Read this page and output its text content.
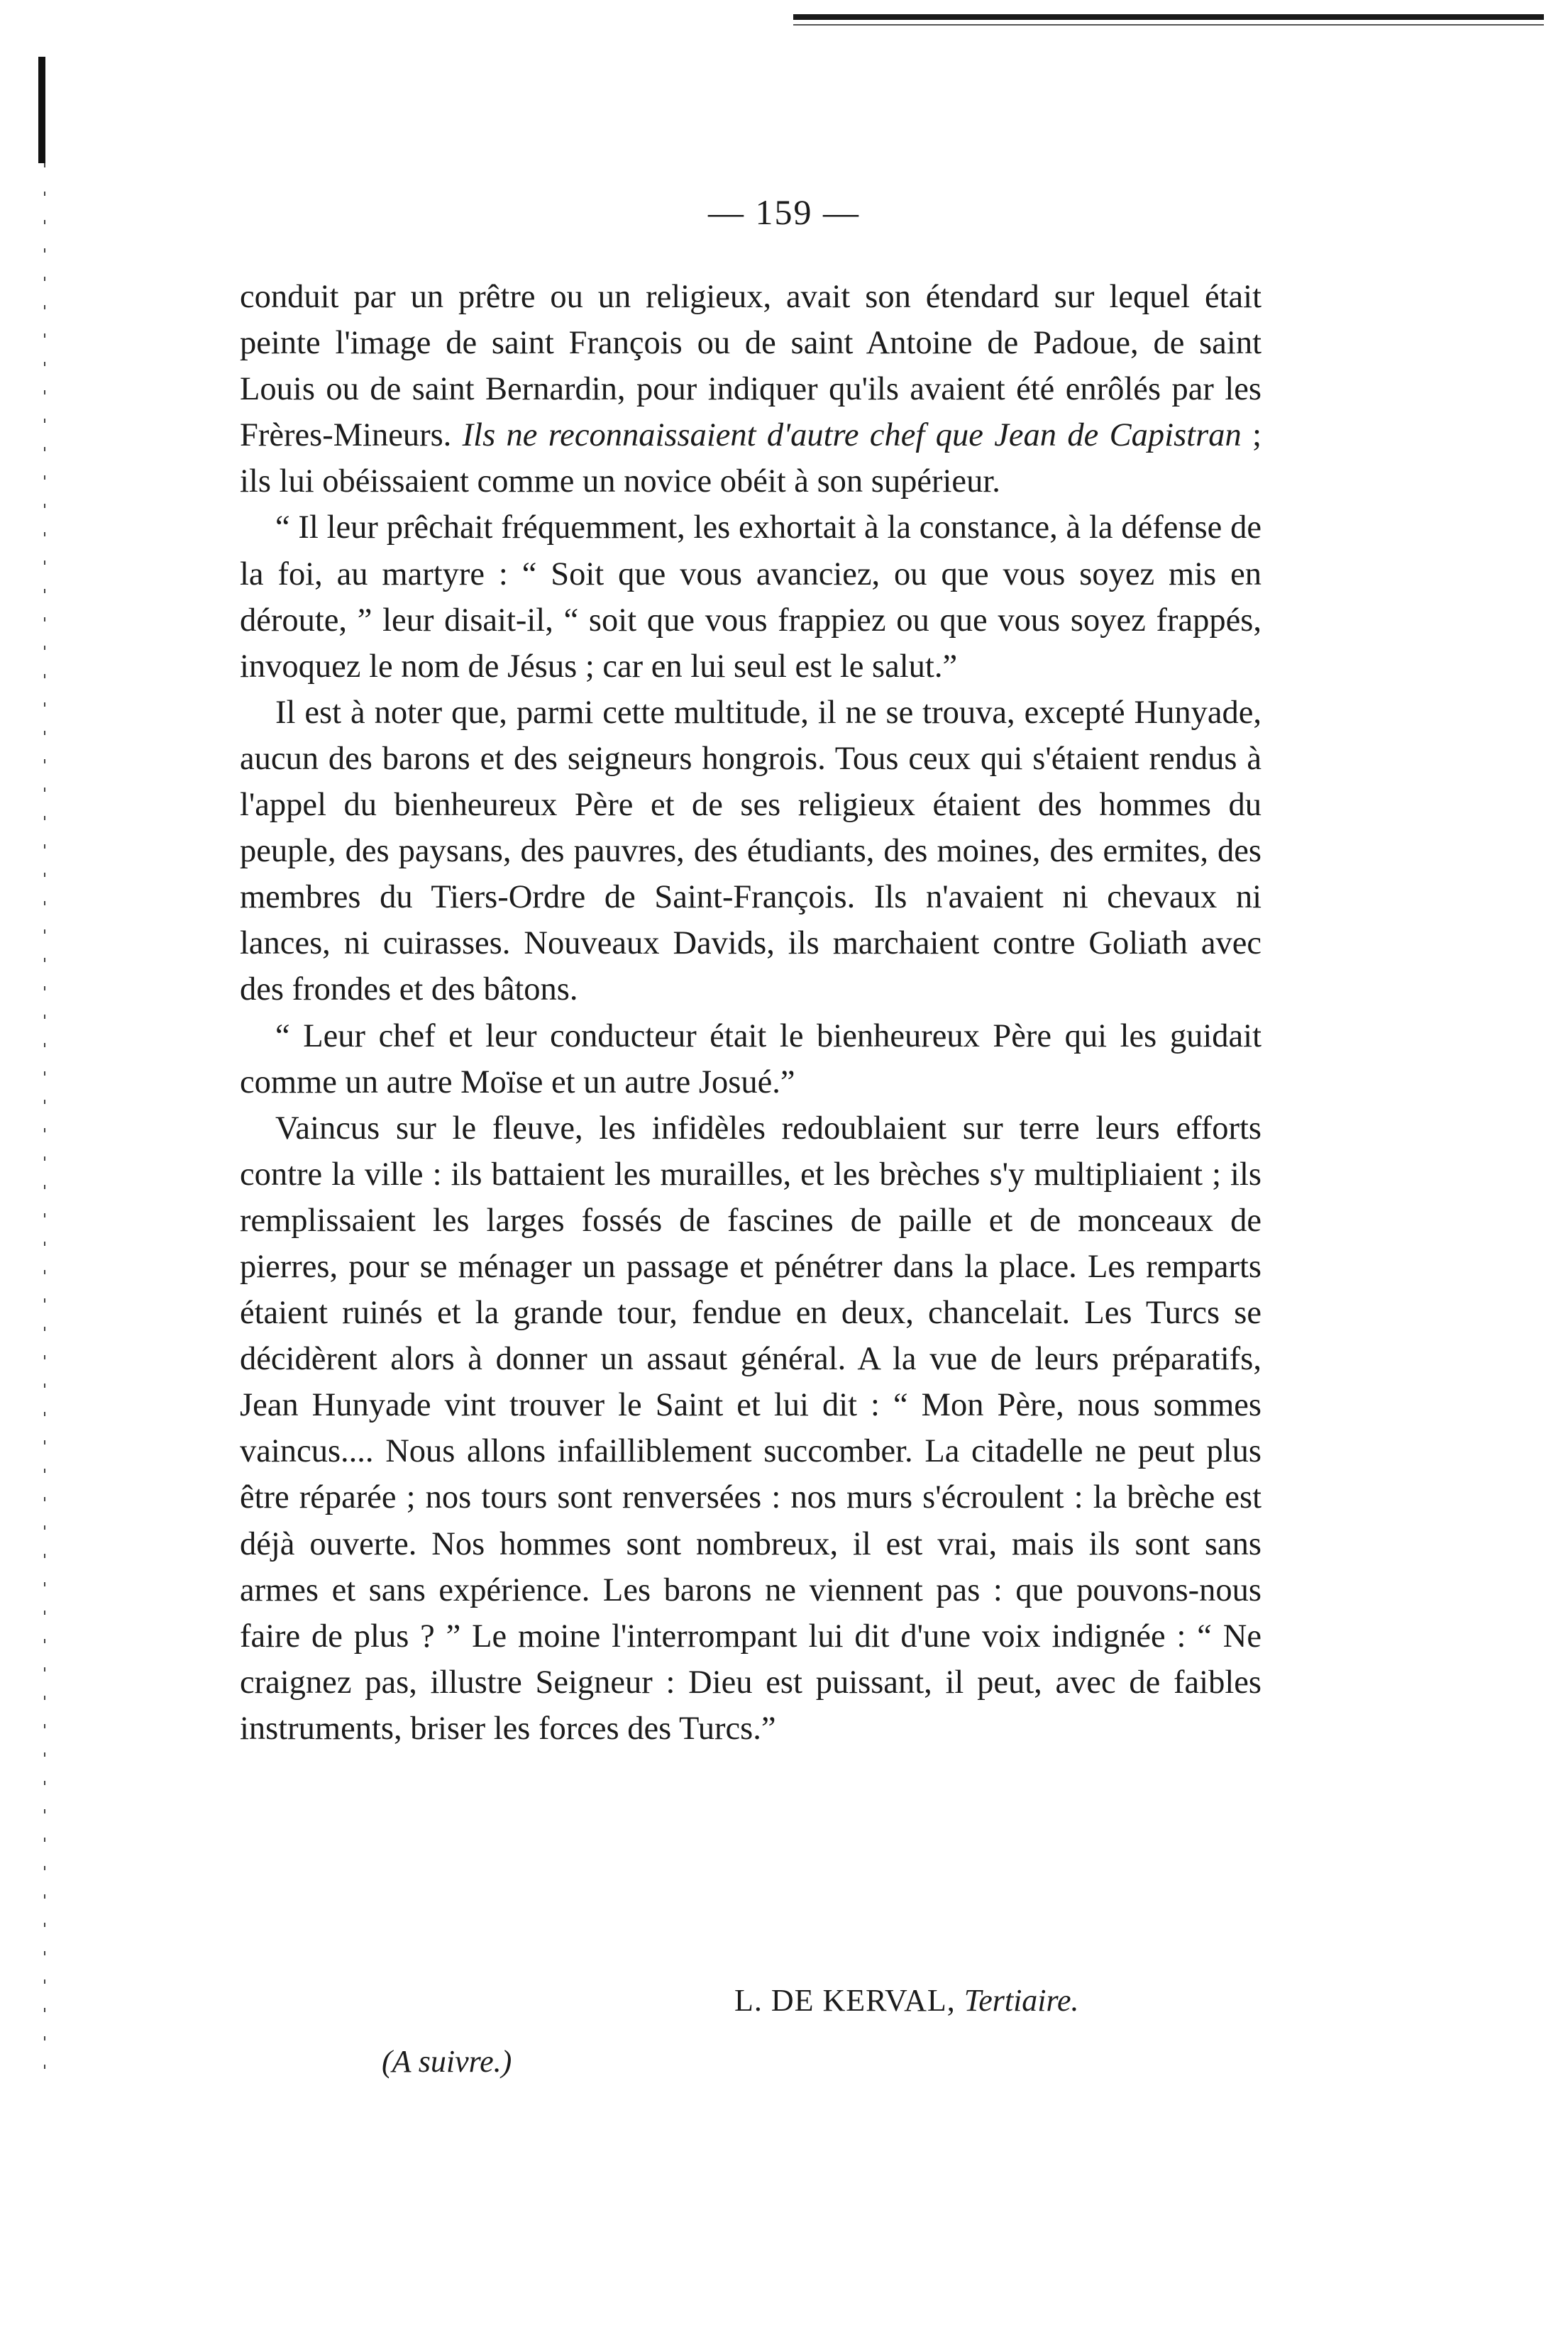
— 159 —

conduit par un prêtre ou un religieux, avait son étendard sur lequel était peinte l'image de saint François ou de saint Antoine de Padoue, de saint Louis ou de saint Bernardin, pour indiquer qu'ils avaient été enrôlés par les Frères-Mineurs. Ils ne reconnaissaient d'autre chef que Jean de Capistran ; ils lui obéissaient comme un novice obéit à son supérieur.

“ Il leur prêchait fréquemment, les exhortait à la constance, à la défense de la foi, au martyre : “ Soit que vous avanciez, ou que vous soyez mis en déroute, ” leur disait-il, “ soit que vous frappiez ou que vous soyez frappés, invoquez le nom de Jésus ; car en lui seul est le salut.”

Il est à noter que, parmi cette multitude, il ne se trouva, excepté Hunyade, aucun des barons et des seigneurs hongrois. Tous ceux qui s'étaient rendus à l'appel du bienheureux Père et de ses religieux étaient des hommes du peuple, des paysans, des pauvres, des étudiants, des moines, des ermites, des membres du Tiers-Ordre de Saint-François. Ils n'avaient ni chevaux ni lances, ni cuirasses. Nouveaux Davids, ils marchaient contre Goliath avec des frondes et des bâtons.

“ Leur chef et leur conducteur était le bienheureux Père qui les guidait comme un autre Moïse et un autre Josué.”

Vaincus sur le fleuve, les infidèles redoublaient sur terre leurs efforts contre la ville : ils battaient les murailles, et les brèches s'y multipliaient ; ils remplissaient les larges fossés de fascines de paille et de monceaux de pierres, pour se ménager un passage et pénétrer dans la place. Les remparts étaient ruinés et la grande tour, fendue en deux, chancelait. Les Turcs se décidèrent alors à donner un assaut général. A la vue de leurs préparatifs, Jean Hunyade vint trouver le Saint et lui dit : “ Mon Père, nous sommes vaincus.... Nous allons infailliblement succomber. La citadelle ne peut plus être réparée ; nos tours sont renversées : nos murs s'écroulent : la brèche est déjà ouverte. Nos hommes sont nombreux, il est vrai, mais ils sont sans armes et sans expérience. Les barons ne viennent pas : que pouvons-nous faire de plus ? ” Le moine l'interrompant lui dit d'une voix indignée : “ Ne craignez pas, illustre Seigneur : Dieu est puissant, il peut, avec de faibles instruments, briser les forces des Turcs.”

L. DE KERVAL, Tertiaire.
(A suivre.)
